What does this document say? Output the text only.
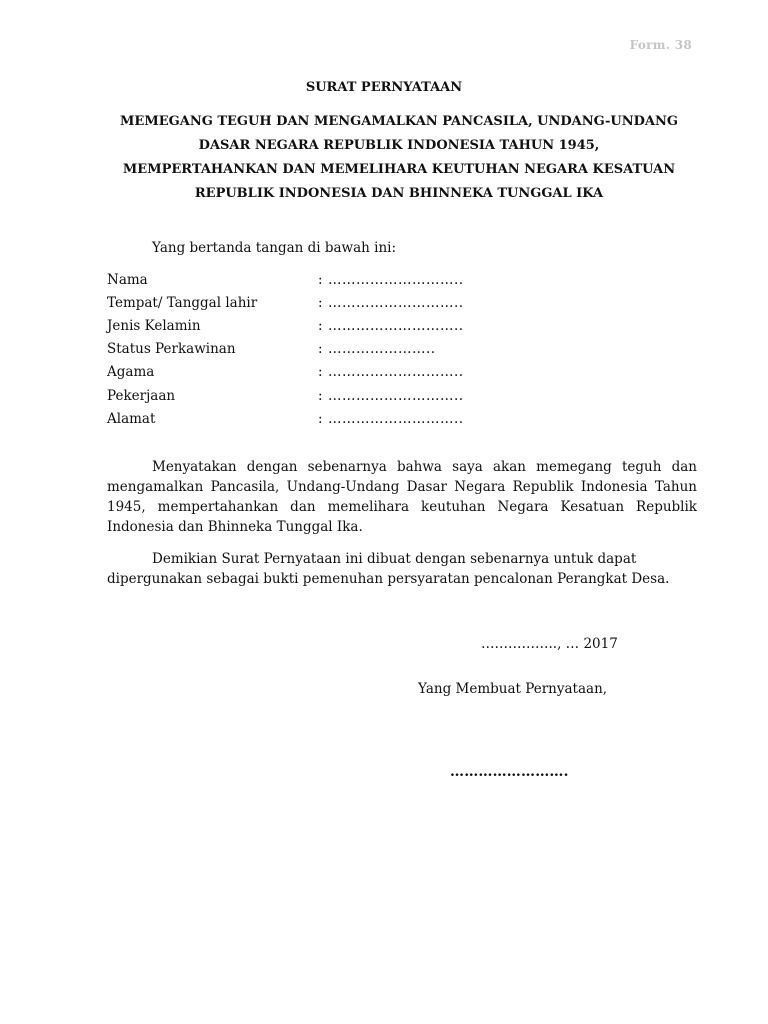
Form. 38
SURAT PERNYATAAN
MEMEGANG TEGUH DAN MENGAMALKAN PANCASILA, UNDANG-UNDANG
DASAR NEGARA REPUBLIK INDONESIA TAHUN 1945,
MEMPERTAHANKAN DAN MEMELIHARA KEUTUHAN NEGARA KESATUAN
REPUBLIK INDONESIA DAN BHINNEKA TUNGGAL IKA
Yang bertanda tangan di bawah ini:
Nama	: ………………………..
Tempat/ Tanggal lahir	: ………………………..
Jenis Kelamin	: ………………………..
Status Perkawinan	: …………………..
Agama	: ………………………..
Pekerjaan	: ………………………..
Alamat	: ………………………..

Menyatakan dengan sebenarnya bahwa saya akan memegang teguh dan mengamalkan Pancasila, Undang-Undang Dasar Negara Republik Indonesia Tahun 1945, mempertahankan dan memelihara keutuhan Negara Kesatuan Republik Indonesia dan Bhinneka Tunggal Ika.

Demikian Surat Pernyataan ini dibuat dengan sebenarnya untuk dapat dipergunakan sebagai bukti pemenuhan persyaratan pencalonan Perangkat Desa.

…………….., … 2017
Yang Membuat Pernyataan,
…………………….
